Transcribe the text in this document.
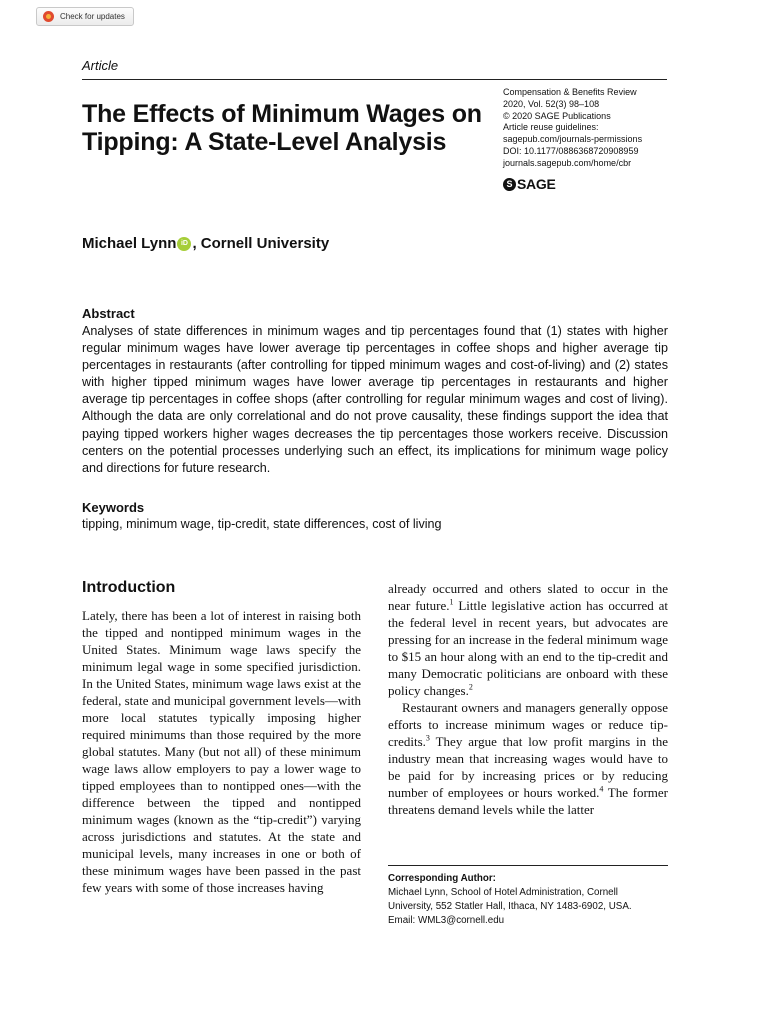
Check for updates
Article
The Effects of Minimum Wages on Tipping: A State-Level Analysis
Compensation & Benefits Review
2020, Vol. 52(3) 98–108
© 2020 SAGE Publications
Article reuse guidelines:
sagepub.com/journals-permissions
DOI: 10.1177/0886368720908959
journals.sagepub.com/home/cbr
S SAGE
Michael Lynn iD , Cornell University
Abstract
Analyses of state differences in minimum wages and tip percentages found that (1) states with higher regular minimum wages have lower average tip percentages in coffee shops and higher average tip percentages in restaurants (after controlling for tipped minimum wages and cost-of-living) and (2) states with higher tipped minimum wages have lower average tip percentages in restaurants and higher average tip percentages in coffee shops (after controlling for regular minimum wages and cost of living). Although the data are only correlational and do not prove causality, these findings support the idea that paying tipped workers higher wages decreases the tip percentages those workers receive. Discussion centers on the potential processes underlying such an effect, its implications for minimum wage policy and directions for future research.
Keywords
tipping, minimum wage, tip-credit, state differences, cost of living
Introduction

Lately, there has been a lot of interest in raising both the tipped and nontipped minimum wages in the United States. Minimum wage laws specify the minimum legal wage in some specified jurisdiction. In the United States, minimum wage laws exist at the federal, state and municipal government levels—with more local statutes typically imposing higher required minimums than those required by the more global statutes. Many (but not all) of these minimum wage laws allow employers to pay a lower wage to tipped employees than to nontipped ones—with the difference between the tipped and nontipped minimum wages (known as the “tip-credit”) varying across jurisdictions and statutes. At the state and municipal levels, many increases in one or both of these minimum wages have been passed in the past few years with some of those increases having

already occurred and others slated to occur in the near future.$^1$ Little legislative action has occurred at the federal level in recent years, but advocates are pressing for an increase in the federal minimum wage to $15 an hour along with an end to the tip-credit and many Democratic politicians are onboard with these policy changes.$^2$

Restaurant owners and managers generally oppose efforts to increase minimum wages or reduce tip-credits.$^3$ They argue that low profit margins in the industry mean that increasing wages would have to be paid for by increasing prices or by reducing number of employees or hours worked.$^4$ The former threatens demand levels while the latter

Corresponding Author:
Michael Lynn, School of Hotel Administration, Cornell
University, 552 Statler Hall, Ithaca, NY 1483-6902, USA.
Email: WML3@cornell.edu
